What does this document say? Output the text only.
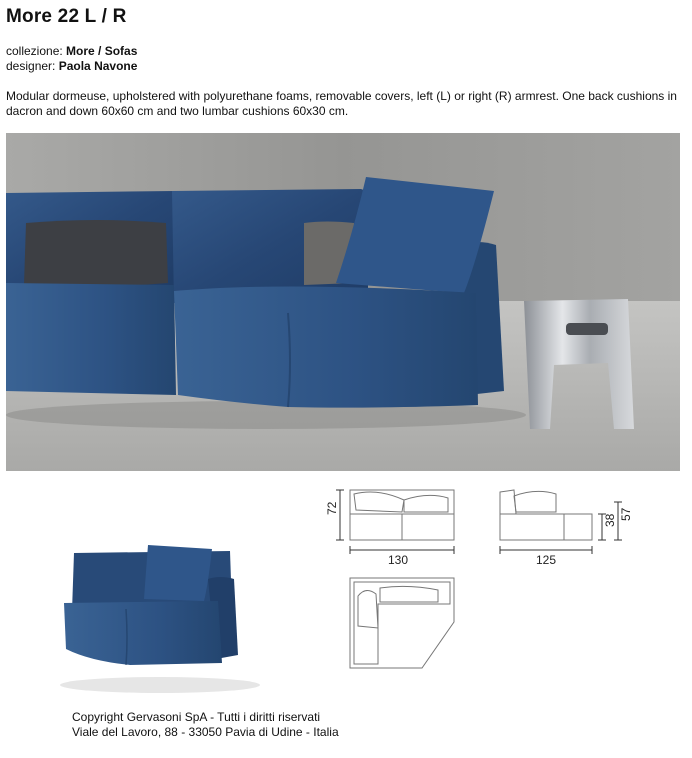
More 22 L / R
collezione: More / Sofas
designer: Paola Navone

Modular dormeuse, upholstered with polyurethane foams, removable covers, left (L) or right (R) armrest. One back cushions in dacron and down 60x60 cm and two lumbar cushions 60x30 cm.

72
130
38 57
125
Copyright Gervasoni SpA - Tutti i diritti riservati
Viale del Lavoro, 88 - 33050 Pavia di Udine - Italia
